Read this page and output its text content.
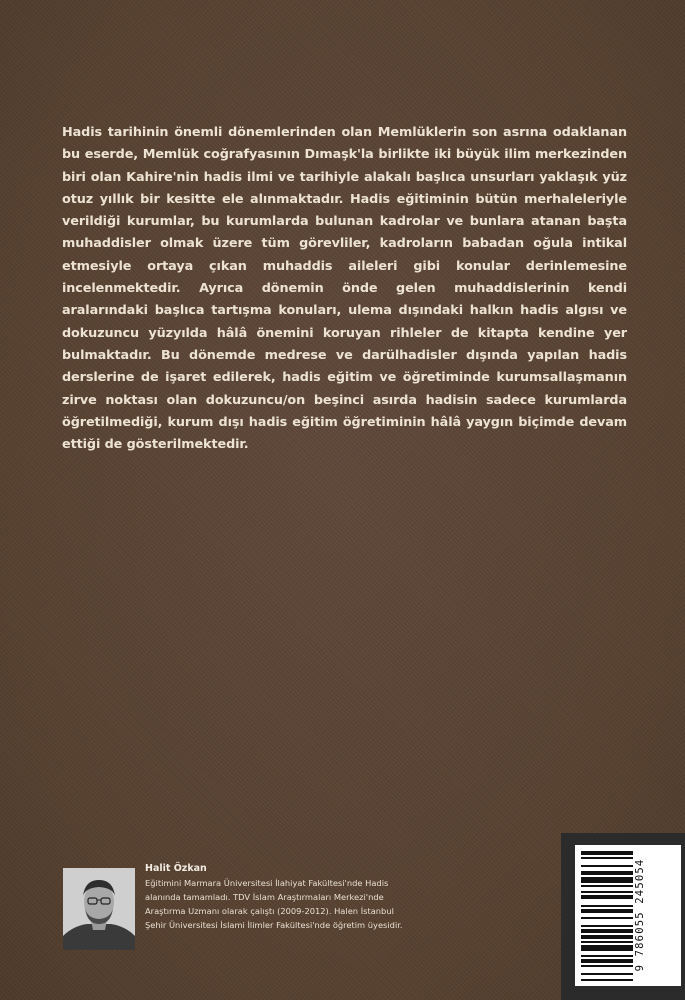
Hadis tarihinin önemli dönemlerinden olan Memlüklerin son asrına odaklanan bu eserde, Memlük coğrafyasının Dımaşk'la birlikte iki büyük ilim merkezinden biri olan Kahire'nin hadis ilmi ve tarihiyle alakalı başlıca unsurları yaklaşık yüz otuz yıllık bir kesitte ele alınmaktadır. Hadis eğitiminin bütün merhaleleriyle verildiği kurumlar, bu kurumlarda bulunan kadrolar ve bunlara atanan başta muhaddisler olmak üzere tüm görevliler, kadroların babadan oğula intikal etmesiyle ortaya çıkan muhaddis aileleri gibi konular derinlemesine incelenmektedir. Ayrıca dönemin önde gelen muhaddislerinin kendi aralarındaki başlıca tartışma konuları, ulema dışındaki halkın hadis algısı ve dokuzuncu yüzyılda hâlâ önemini koruyan rihleler de kitapta kendine yer bulmaktadır. Bu dönemde medrese ve darülhadisler dışında yapılan hadis derslerine de işaret edilerek, hadis eğitim ve öğretiminde kurumsallaşmanın zirve noktası olan dokuzuncu/on beşinci asırda hadisin sadece kurumlarda öğretilmediği, kurum dışı hadis eğitim öğretiminin hâlâ yaygın biçimde devam ettiği de gösterilmektedir.

Halit Özkan

Eğitimini Marmara Üniversitesi İlahiyat Fakültesi'nde Hadis alanında tamamladı. TDV İslam Araştırmaları Merkezi'nde Araştırma Uzmanı olarak çalıştı (2009-2012). Halen İstanbul Şehir Üniversitesi İslami İlimler Fakültesi'nde öğretim üyesidir.	9 786055 245054
